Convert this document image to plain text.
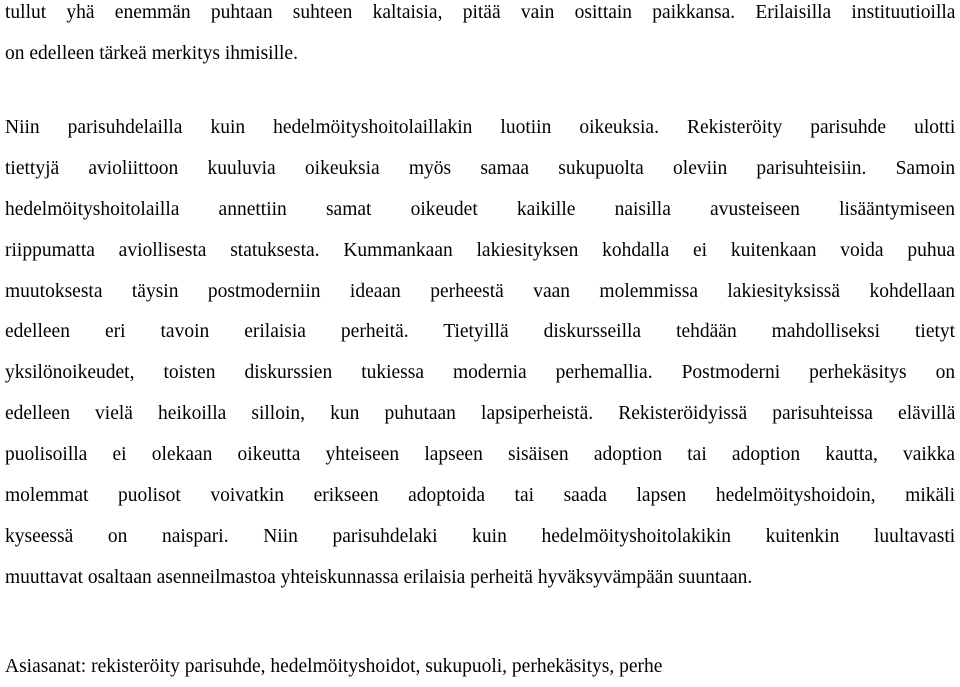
tullut yhä enemmän puhtaan suhteen kaltaisia, pitää vain osittain paikkansa. Erilaisilla instituutioilla
on edelleen tärkeä merkitys ihmisille.
Niin parisuhdelailla kuin hedelmöityshoitolaillakin luotiin oikeuksia. Rekisteröity parisuhde ulotti
tiettyjä avioliittoon kuuluvia oikeuksia myös samaa sukupuolta oleviin parisuhteisiin. Samoin
hedelmöityshoitolailla annettiin samat oikeudet kaikille naisilla avusteiseen lisääntymiseen
riippumatta aviollisesta statuksesta. Kummankaan lakiesityksen kohdalla ei kuitenkaan voida puhua
muutoksesta täysin postmoderniin ideaan perheestä vaan molemmissa lakiesityksissä kohdellaan
edelleen eri tavoin erilaisia perheitä. Tietyillä diskursseilla tehdään mahdolliseksi tietyt
yksilönoikeudet, toisten diskurssien tukiessa modernia perhemallia. Postmoderni perhekäsitys on
edelleen vielä heikoilla silloin, kun puhutaan lapsiperheistä. Rekisteröidyissä parisuhteissa elävillä
puolisoilla ei olekaan oikeutta yhteiseen lapseen sisäisen adoption tai adoption kautta, vaikka
molemmat puolisot voivatkin erikseen adoptoida tai saada lapsen hedelmöityshoidoin, mikäli
kyseessä on naispari. Niin parisuhdelaki kuin hedelmöityshoitolakikin kuitenkin luultavasti
muuttavat osaltaan asenneilmastoa yhteiskunnassa erilaisia perheitä hyväksyvämpään suuntaan.

Asiasanat: rekisteröity parisuhde, hedelmöityshoidot, sukupuoli, perhekäsitys, perhe
